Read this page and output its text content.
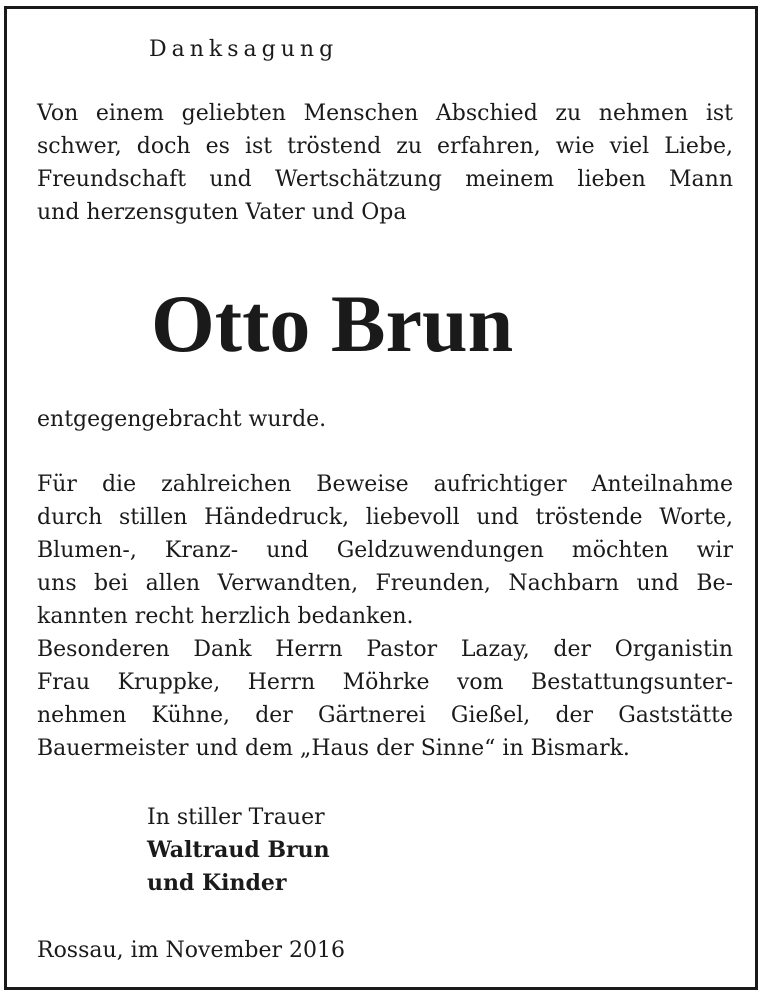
Danksagung

Von einem geliebten Menschen Abschied zu nehmen ist
schwer, doch es ist tröstend zu erfahren, wie viel Liebe,
Freundschaft und Wertschätzung meinem lieben Mann
und herzensguten Vater und Opa

Otto Brun

entgegengebracht wurde.

Für die zahlreichen Beweise aufrichtiger Anteilnahme
durch stillen Händedruck, liebevoll und tröstende Worte,
Blumen-, Kranz- und Geldzuwendungen möchten wir
uns bei allen Verwandten, Freunden, Nachbarn und Be-
kannten recht herzlich bedanken.
Besonderen Dank Herrn Pastor Lazay, der Organistin
Frau Kruppke, Herrn Möhrke vom Bestattungsunter-
nehmen Kühne, der Gärtnerei Gießel, der Gaststätte
Bauermeister und dem „Haus der Sinne“ in Bismark.

In stiller Trauer
Waltraud Brun
und Kinder
Rossau, im November 2016
